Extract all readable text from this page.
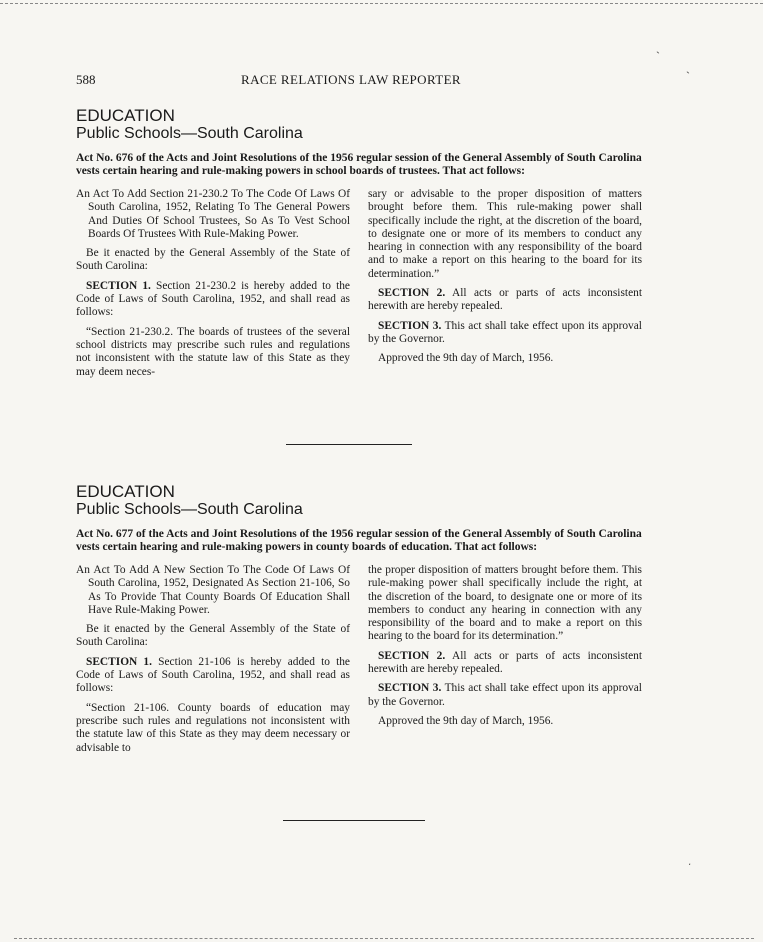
588	RACE RELATIONS LAW REPORTER
EDUCATION
Public Schools—South Carolina
Act No. 676 of the Acts and Joint Resolutions of the 1956 regular session of the General Assembly of South Carolina vests certain hearing and rule-making powers in school boards of trustees. That act follows:

An Act To Add Section 21-230.2 To The Code Of Laws Of South Carolina, 1952, Relating To The General Powers And Duties Of School Trustees, So As To Vest School Boards Of Trustees With Rule-Making Power.

Be it enacted by the General Assembly of the State of South Carolina:

SECTION 1. Section 21-230.2 is hereby added to the Code of Laws of South Carolina, 1952, and shall read as follows:

“Section 21-230.2. The boards of trustees of the several school districts may prescribe such rules and regulations not inconsistent with the statute law of this State as they may deem neces-

sary or advisable to the proper disposition of matters brought before them. This rule-making power shall specifically include the right, at the discretion of the board, to designate one or more of its members to conduct any hearing in connection with any responsibility of the board and to make a report on this hearing to the board for its determination.”

SECTION 2. All acts or parts of acts inconsistent herewith are hereby repealed.

SECTION 3. This act shall take effect upon its approval by the Governor.

Approved the 9th day of March, 1956.

EDUCATION
Public Schools—South Carolina
Act No. 677 of the Acts and Joint Resolutions of the 1956 regular session of the General Assembly of South Carolina vests certain hearing and rule-making powers in county boards of education. That act follows:

An Act To Add A New Section To The Code Of Laws Of South Carolina, 1952, Designated As Section 21-106, So As To Provide That County Boards Of Education Shall Have Rule-Making Power.

Be it enacted by the General Assembly of the State of South Carolina:

SECTION 1. Section 21-106 is hereby added to the Code of Laws of South Carolina, 1952, and shall read as follows:

“Section 21-106. County boards of education may prescribe such rules and regulations not inconsistent with the statute law of this State as they may deem necessary or advisable to

the proper disposition of matters brought before them. This rule-making power shall specifically include the right, at the discretion of the board, to designate one or more of its members to conduct any hearing in connection with any responsibility of the board and to make a report on this hearing to the board for its determination.”

SECTION 2. All acts or parts of acts inconsistent herewith are hereby repealed.

SECTION 3. This act shall take effect upon its approval by the Governor.

Approved the 9th day of March, 1956.

ˎ
ˎ
ˑ
